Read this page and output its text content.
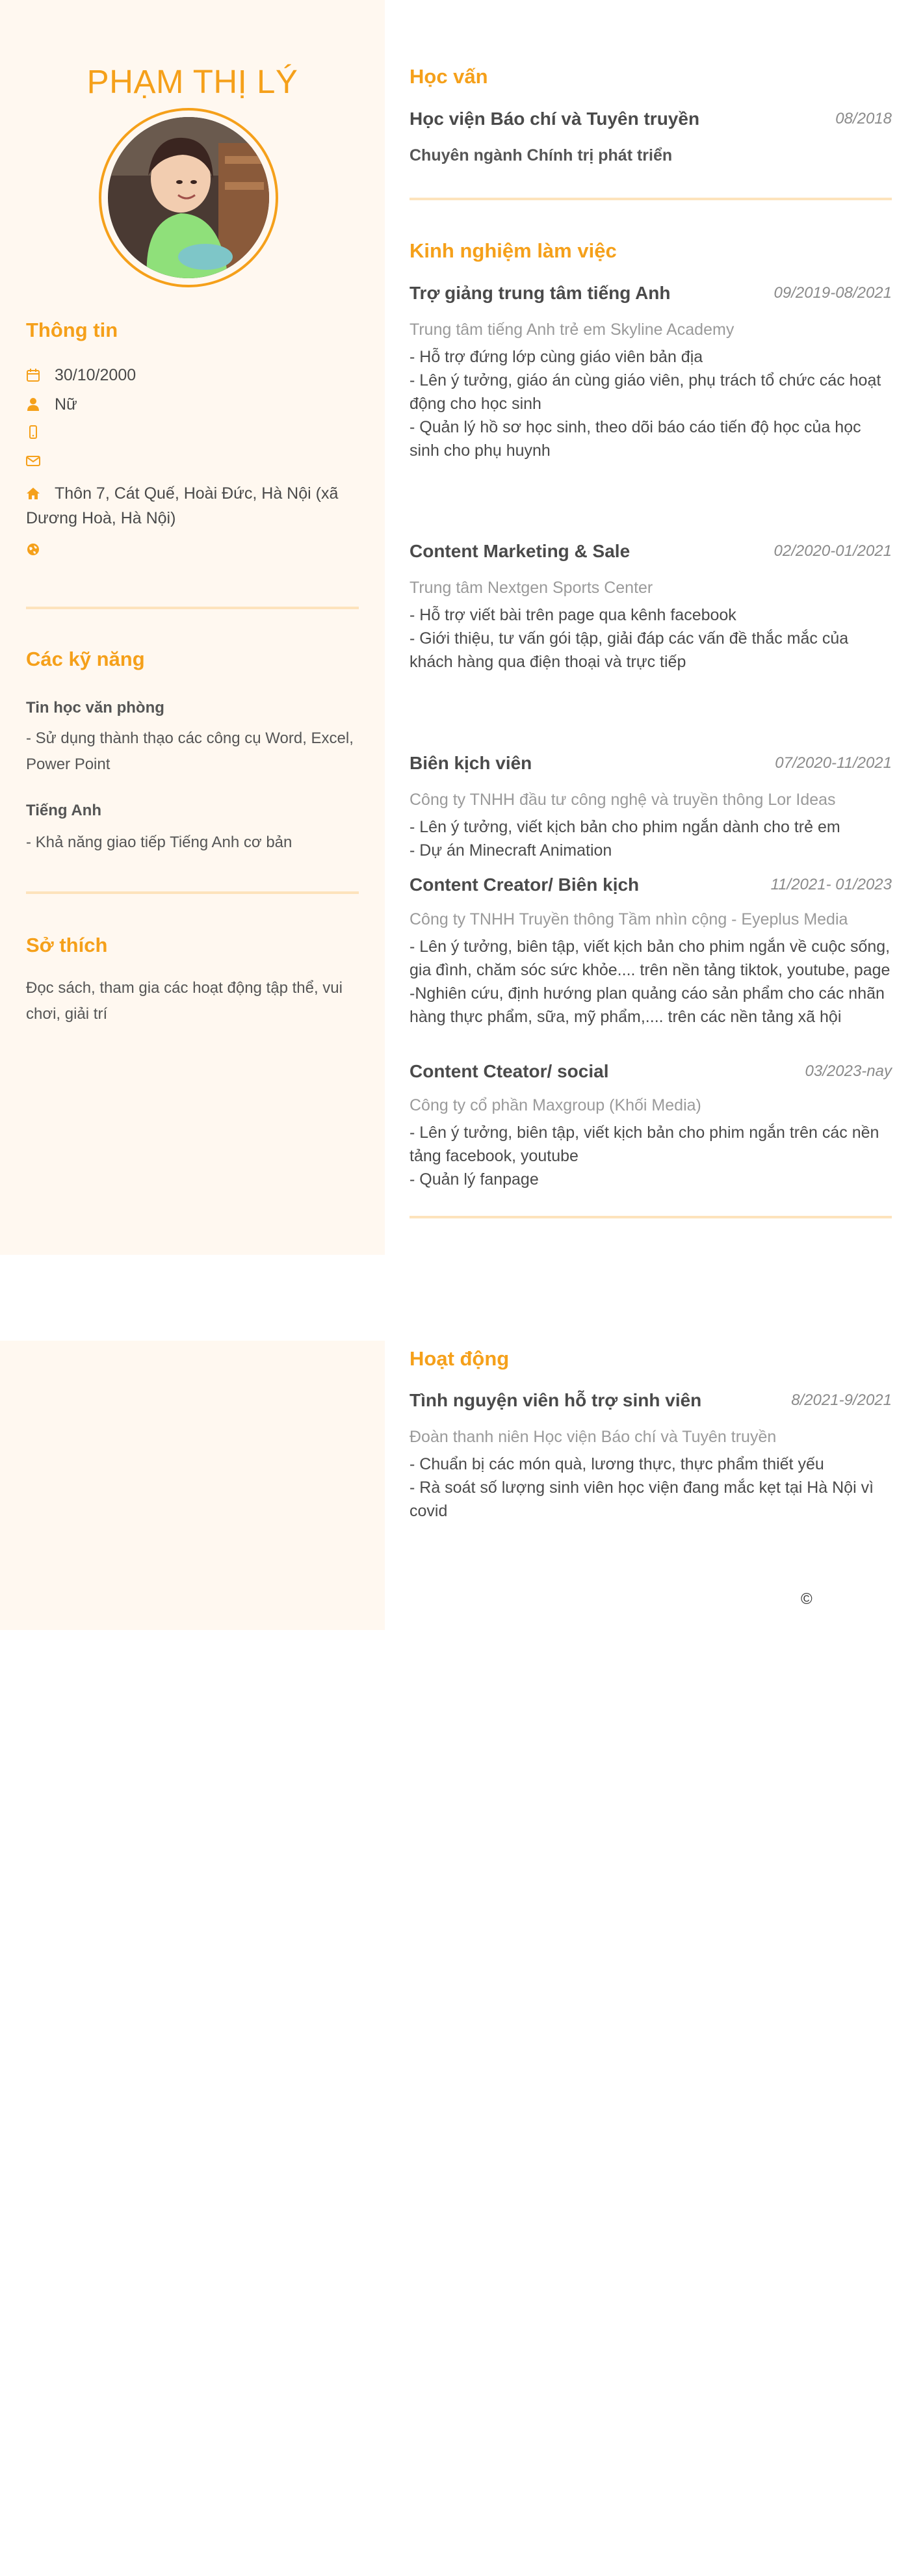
PHẠM THỊ LÝ
Thông tin
30/10/2000
Nữ
Thôn 7, Cát Quế, Hoài Đức, Hà Nội (xã Dương Hoà, Hà Nội)
Các kỹ năng
Tin học văn phòng
- Sử dụng thành thạo các công cụ Word, Excel, Power Point
Tiếng Anh
- Khả năng giao tiếp Tiếng Anh cơ bản
Sở thích
Đọc sách, tham gia các hoạt động tập thể, vui chơi, giải trí
Học vấn
Học viện Báo chí và Tuyên truyền	08/2018
Chuyên ngành Chính trị phát triển
Kinh nghiệm làm việc
Trợ giảng trung tâm tiếng Anh	09/2019-08/2021
Trung tâm tiếng Anh trẻ em Skyline Academy
- Hỗ trợ đứng lớp cùng giáo viên bản địa
- Lên ý tưởng, giáo án cùng giáo viên, phụ trách tổ chức các hoạt động cho học sinh
- Quản lý hồ sơ học sinh, theo dõi báo cáo tiến độ học của học sinh cho phụ huynh
Content Marketing & Sale	02/2020-01/2021
Trung tâm Nextgen Sports Center
- Hỗ trợ viết bài trên page qua kênh facebook
- Giới thiệu, tư vấn gói tập, giải đáp các vấn đề thắc mắc của khách hàng qua điện thoại và trực tiếp
Biên kịch viên	07/2020-11/2021
Công ty TNHH đầu tư công nghệ và truyền thông Lor Ideas
- Lên ý tưởng, viết kịch bản cho phim ngắn dành cho trẻ em
- Dự án Minecraft Animation
Content Creator/ Biên kịch	11/2021- 01/2023
Công ty TNHH Truyền thông Tầm nhìn cộng - Eyeplus Media
- Lên ý tưởng, biên tập, viết kịch bản cho phim ngắn về cuộc sống, gia đình, chăm sóc sức khỏe.... trên nền tảng tiktok, youtube, page
-Nghiên cứu, định hướng plan quảng cáo sản phẩm cho các nhãn hàng thực phẩm, sữa, mỹ phẩm,.... trên các nền tảng xã hội
Content Cteator/ social	03/2023-nay
Công ty cổ phần Maxgroup (Khối Media)
- Lên ý tưởng, biên tập, viết kịch bản cho phim ngắn trên các nền tảng facebook, youtube
- Quản lý fanpage
Hoạt động
Tình nguyện viên hỗ trợ sinh viên	8/2021-9/2021
Đoàn thanh niên Học viện Báo chí và Tuyên truyền
- Chuẩn bị các món quà, lương thực, thực phẩm thiết yếu
- Rà soát số lượng sinh viên học viện đang mắc kẹt tại Hà Nội vì covid
©
